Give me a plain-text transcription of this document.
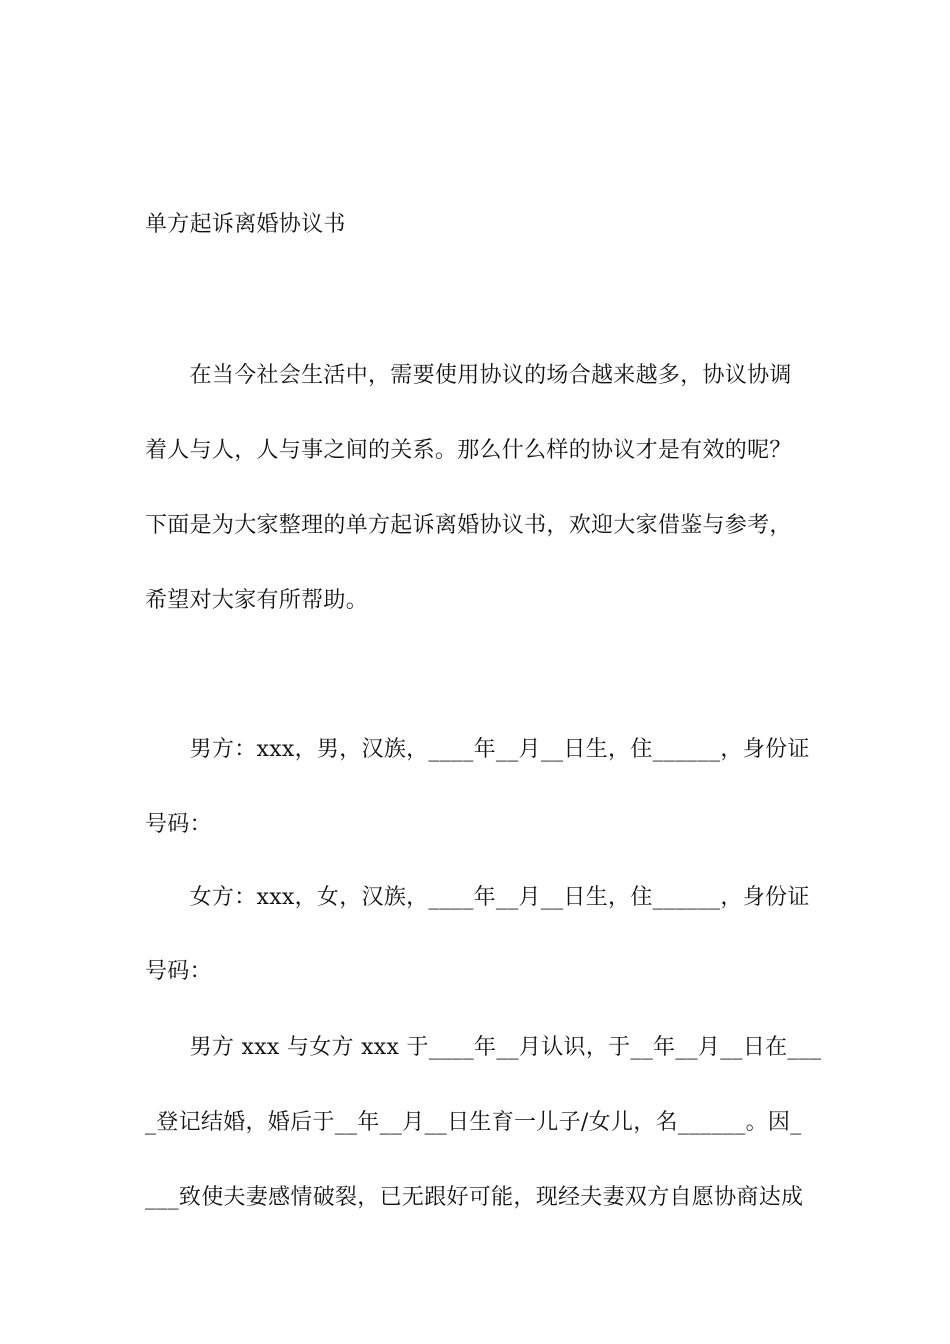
单方起诉离婚协议书
　　在当今社会生活中，需要使用协议的场合越来越多，协议协调
着人与人，人与事之间的关系。那么什么样的协议才是有效的呢？
下面是为大家整理的单方起诉离婚协议书，欢迎大家借鉴与参考，
希望对大家有所帮助。
　　男方：xxx，男，汉族，____年__月__日生，住______，身份证
号码：
　　女方：xxx，女，汉族，____年__月__日生，住______，身份证
号码：
　　男方 xxx 与女方 xxx 于____年__月认识，于__年__月__日在___
_登记结婚，婚后于__年__月__日生育一儿子/女儿，名______。因_
___致使夫妻感情破裂，已无跟好可能，现经夫妻双方自愿协商达成
